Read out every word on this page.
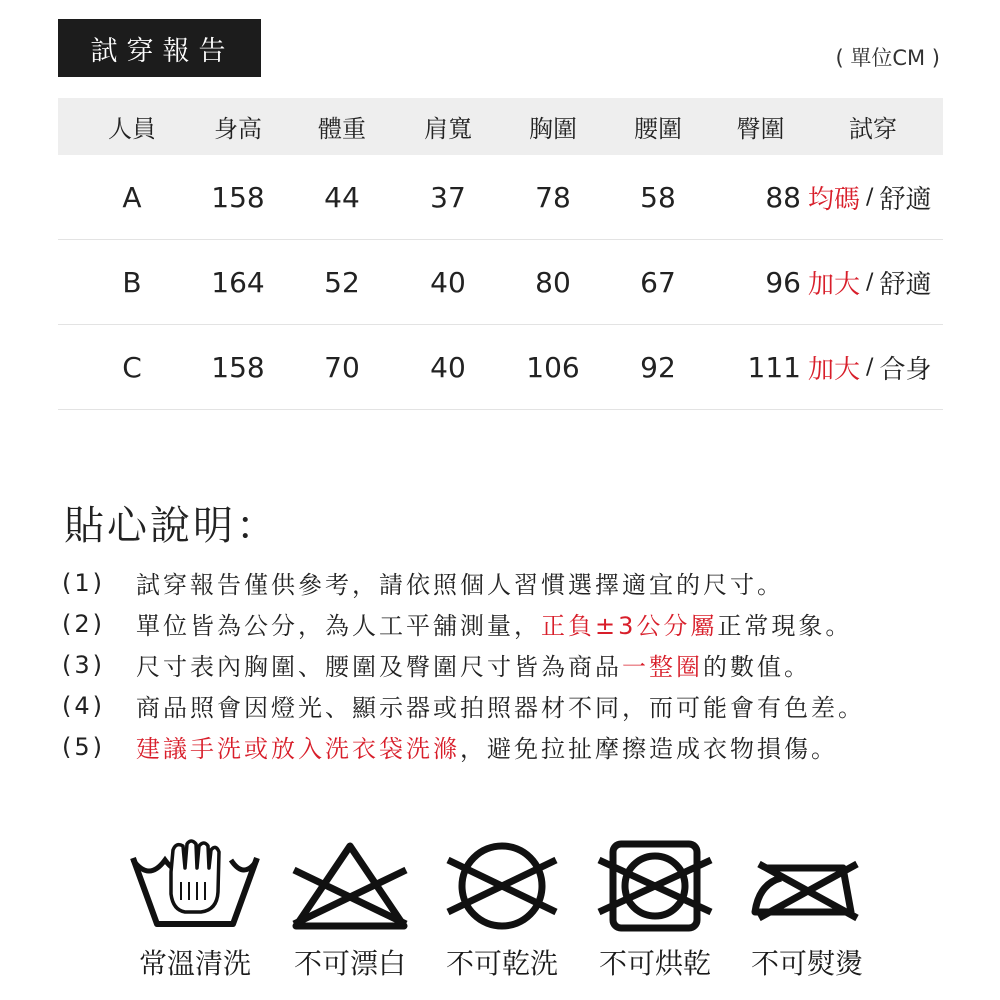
試穿報告	( 單位CM )
人員	身高	體重	肩寬	胸圍	腰圍	臀圍	試穿
A	158	44	37	78	58	88 均碼 / 舒適
B	164	52	40	80	67	96 加大 / 舒適
C	158	70	40	106	92	111 加大 / 合身
貼心說明：
(1)	試穿報告僅供參考，請依照個人習慣選擇適宜的尺寸。
(2)	單位皆為公分，為人工平舖測量， 正負±3公分屬 正常現象。
(3)	尺寸表內胸圍、腰圍及臀圍尺寸皆為商品 一整圈 的數值。
(4)	商品照會因燈光、顯示器或拍照器材不同，而可能會有色差。
(5)	建議手洗或放入洗衣袋洗滌 ，避免拉扯摩擦造成衣物損傷。
常溫清洗	不可漂白	不可乾洗	不可烘乾	不可熨燙
